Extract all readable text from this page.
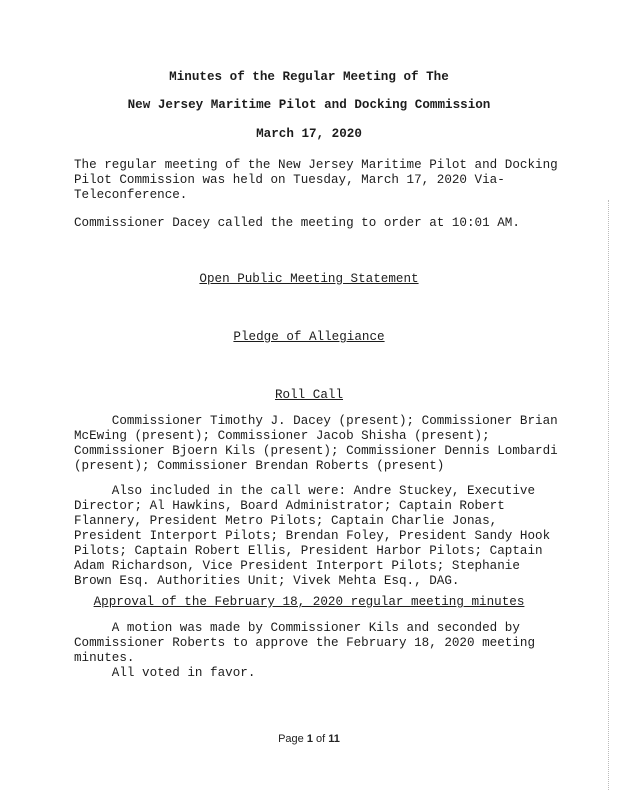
Minutes of the Regular Meeting of The
New Jersey Maritime Pilot and Docking Commission
March 17, 2020
The regular meeting of the New Jersey Maritime Pilot and Docking
Pilot Commission was held on Tuesday, March 17, 2020 Via-
Teleconference.
Commissioner Dacey called the meeting to order at 10:01 AM.
Open Public Meeting Statement
Pledge of Allegiance
Roll Call
Commissioner Timothy J. Dacey (present); Commissioner Brian
McEwing (present); Commissioner Jacob Shisha (present);
Commissioner Bjoern Kils (present); Commissioner Dennis Lombardi
(present); Commissioner Brendan Roberts (present)
Also included in the call were: Andre Stuckey, Executive
Director; Al Hawkins, Board Administrator; Captain Robert
Flannery, President Metro Pilots; Captain Charlie Jonas,
President Interport Pilots; Brendan Foley, President Sandy Hook
Pilots; Captain Robert Ellis, President Harbor Pilots; Captain
Adam Richardson, Vice President Interport Pilots; Stephanie
Brown Esq. Authorities Unit; Vivek Mehta Esq., DAG.
Approval of the February 18, 2020 regular meeting minutes
A motion was made by Commissioner Kils and seconded by
Commissioner Roberts to approve the February 18, 2020 meeting
minutes.
All voted in favor.
Page 1 of 11
